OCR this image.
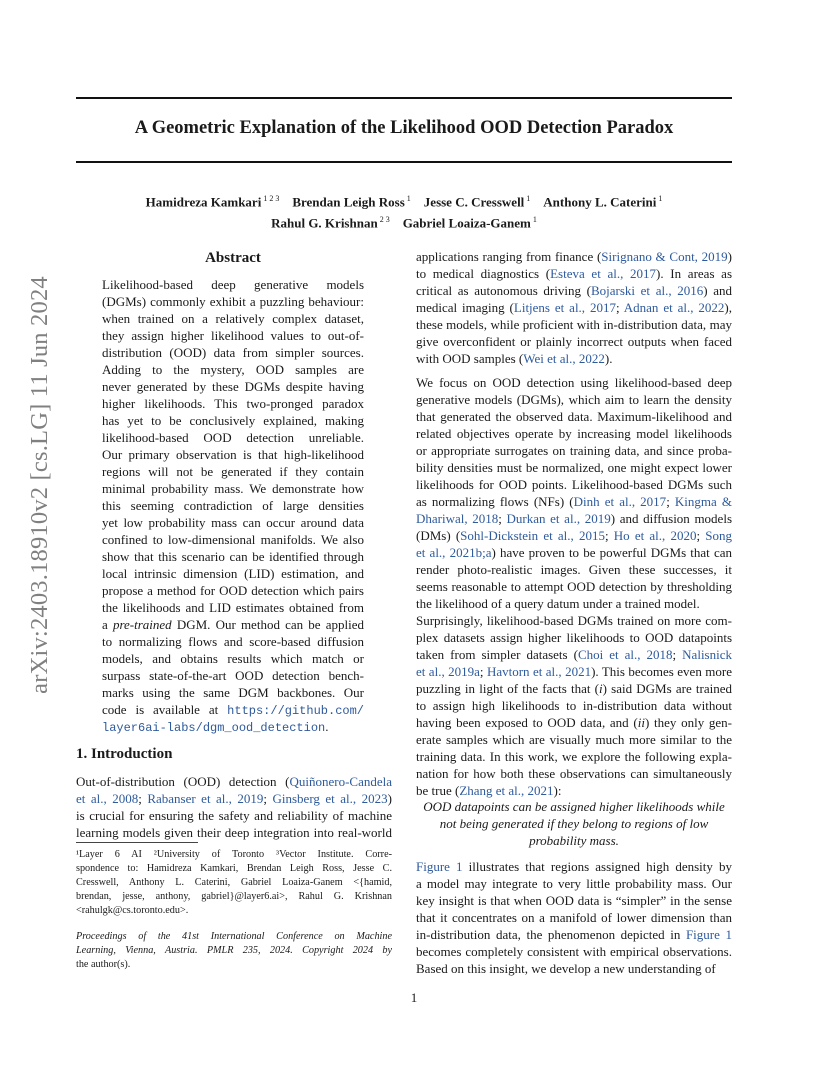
A Geometric Explanation of the Likelihood OOD Detection Paradox
Hamidreza Kamkari $^{1 2 3}$  Brendan Leigh Ross $^1$  Jesse C. Cresswell $^1$  Anthony L. Caterini $^1$
Rahul G. Krishnan $^{2 3}$  Gabriel Loaiza-Ganem $^1$
arXiv:2403.18910v2 [cs.LG] 11 Jun 2024
Abstract
Likelihood-based deep generative models
(DGMs) commonly exhibit a puzzling behaviour:
when trained on a relatively complex dataset,
they assign higher likelihood values to out-of-
distribution (OOD) data from simpler sources.
Adding to the mystery, OOD samples are
never generated by these DGMs despite having
higher likelihoods. This two-pronged paradox
has yet to be conclusively explained, making
likelihood-based OOD detection unreliable.
Our primary observation is that high-likelihood
regions will not be generated if they contain
minimal probability mass. We demonstrate how
this seeming contradiction of large densities
yet low probability mass can occur around data
confined to low-dimensional manifolds. We also
show that this scenario can be identified through
local intrinsic dimension (LID) estimation, and
propose a method for OOD detection which pairs
the likelihoods and LID estimates obtained from
a pre-trained DGM. Our method can be applied
to normalizing flows and score-based diffusion
models, and obtains results which match or
surpass state-of-the-art OOD detection bench-
marks using the same DGM backbones. Our
code is available at https://github.com/
layer6ai-labs/dgm_ood_detection.
1. Introduction
Out-of-distribution (OOD) detection (Quiñonero-Candela
et al., 2008; Rabanser et al., 2019; Ginsberg et al., 2023)
is crucial for ensuring the safety and reliability of machine
learning models given their deep integration into real-world
¹Layer 6 AI ²University of Toronto ³Vector Institute. Corre-
spondence to: Hamidreza Kamkari, Brendan Leigh Ross, Jesse C.
Cresswell, Anthony L. Caterini, Gabriel Loaiza-Ganem <{hamid,
brendan, jesse, anthony, gabriel}@layer6.ai>, Rahul G. Krishnan
<rahulgk@cs.toronto.edu>.
Proceedings of the 41st International Conference on Machine
Learning, Vienna, Austria. PMLR 235, 2024. Copyright 2024 by
the author(s).
applications ranging from finance (Sirignano & Cont, 2019)
to medical diagnostics (Esteva et al., 2017). In areas as
critical as autonomous driving (Bojarski et al., 2016) and
medical imaging (Litjens et al., 2017; Adnan et al., 2022),
these models, while proficient with in-distribution data, may
give overconfident or plainly incorrect outputs when faced
with OOD samples (Wei et al., 2022).
We focus on OOD detection using likelihood-based deep
generative models (DGMs), which aim to learn the density
that generated the observed data. Maximum-likelihood and
related objectives operate by increasing model likelihoods
or appropriate surrogates on training data, and since proba-
bility densities must be normalized, one might expect lower
likelihoods for OOD points. Likelihood-based DGMs such
as normalizing flows (NFs) (Dinh et al., 2017; Kingma &
Dhariwal, 2018; Durkan et al., 2019) and diffusion models
(DMs) (Sohl-Dickstein et al., 2015; Ho et al., 2020; Song
et al., 2021b;a) have proven to be powerful DGMs that can
render photo-realistic images. Given these successes, it
seems reasonable to attempt OOD detection by thresholding
the likelihood of a query datum under a trained model.
Surprisingly, likelihood-based DGMs trained on more com-
plex datasets assign higher likelihoods to OOD datapoints
taken from simpler datasets (Choi et al., 2018; Nalisnick
et al., 2019a; Havtorn et al., 2021). This becomes even more
puzzling in light of the facts that (i) said DGMs are trained
to assign high likelihoods to in-distribution data without
having been exposed to OOD data, and (ii) they only gen-
erate samples which are visually much more similar to the
training data. In this work, we explore the following expla-
nation for how both these observations can simultaneously
be true (Zhang et al., 2021):
OOD datapoints can be assigned higher likelihoods while
not being generated if they belong to regions of low
probability mass.
Figure 1 illustrates that regions assigned high density by
a model may integrate to very little probability mass. Our
key insight is that when OOD data is “simpler” in the sense
that it concentrates on a manifold of lower dimension than
in-distribution data, the phenomenon depicted in Figure 1
becomes completely consistent with empirical observations.
Based on this insight, we develop a new understanding of
1
